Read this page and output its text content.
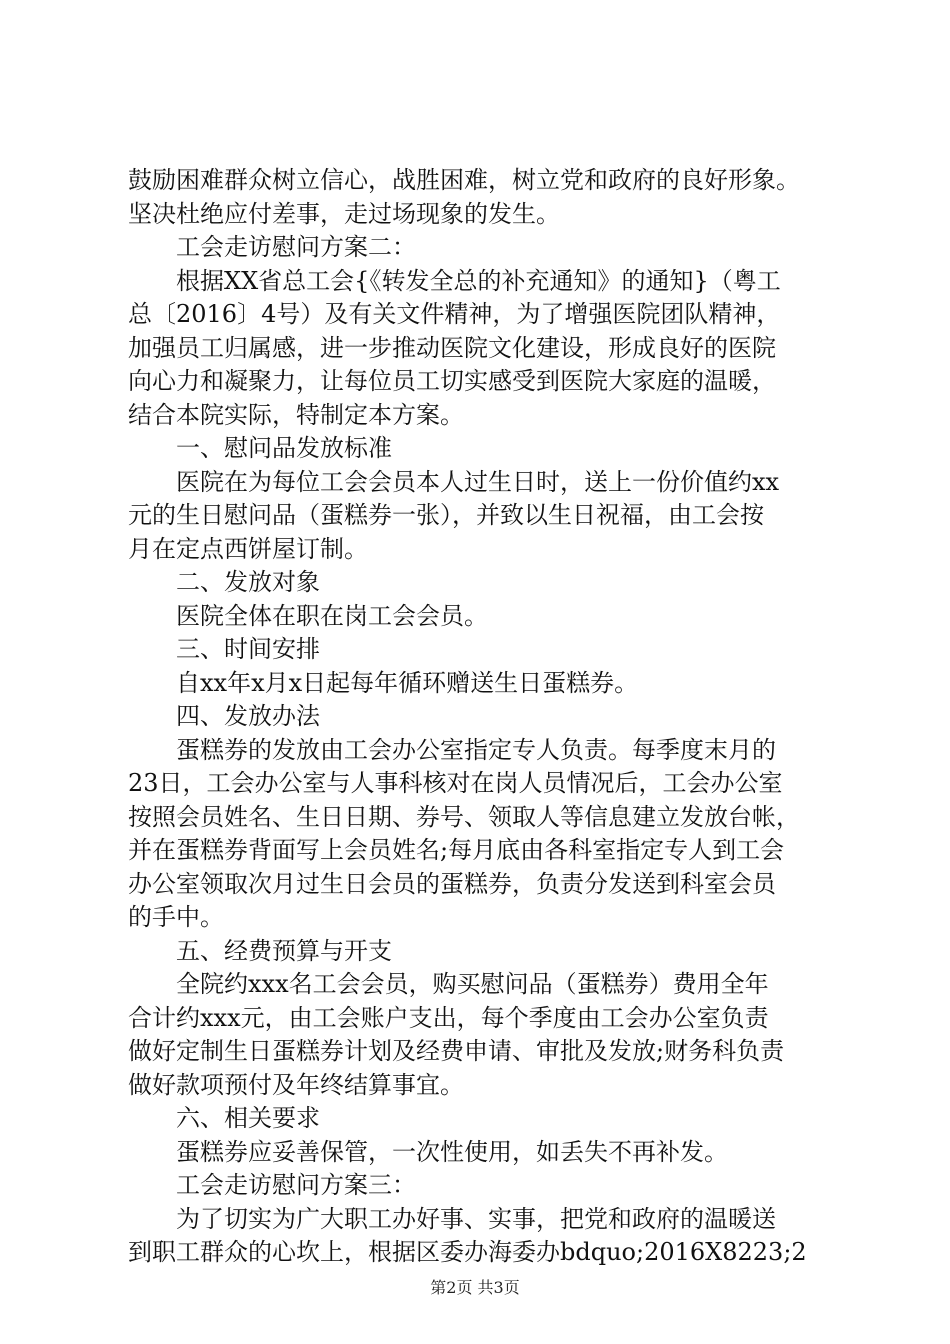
鼓励困难群众树立信心，战胜困难，树立党和政府的良好形象。
坚决杜绝应付差事，走过场现象的发生。
　　工会走访慰问方案二：
　　根据XX省总工会{《转发全总的补充通知》的通知}（粤工
总〔2016〕4号）及有关文件精神，为了增强医院团队精神，
加强员工归属感，进一步推动医院文化建设，形成良好的医院
向心力和凝聚力，让每位员工切实感受到医院大家庭的温暖，
结合本院实际，特制定本方案。
　　一、慰问品发放标准
　　医院在为每位工会会员本人过生日时，送上一份价值约xx
元的生日慰问品（蛋糕券一张），并致以生日祝福，由工会按
月在定点西饼屋订制。
　　二、发放对象
　　医院全体在职在岗工会会员。
　　三、时间安排
　　自xx年x月x日起每年循环赠送生日蛋糕券。
　　四、发放办法
　　蛋糕券的发放由工会办公室指定专人负责。每季度末月的
23日，工会办公室与人事科核对在岗人员情况后，工会办公室
按照会员姓名、生日日期、券号、领取人等信息建立发放台帐，
并在蛋糕券背面写上会员姓名;每月底由各科室指定专人到工会
办公室领取次月过生日会员的蛋糕券，负责分发送到科室会员
的手中。
　　五、经费预算与开支
　　全院约xxx名工会会员，购买慰问品（蛋糕券）费用全年
合计约xxx元，由工会账户支出，每个季度由工会办公室负责
做好定制生日蛋糕券计划及经费申请、审批及发放;财务科负责
做好款项预付及年终结算事宜。
　　六、相关要求
　　蛋糕券应妥善保管，一次性使用，如丢失不再补发。
　　工会走访慰问方案三：
　　为了切实为广大职工办好事、实事，把党和政府的温暖送
到职工群众的心坎上，根据区委办海委办bdquo;2016X8223;2
第2页 共3页
